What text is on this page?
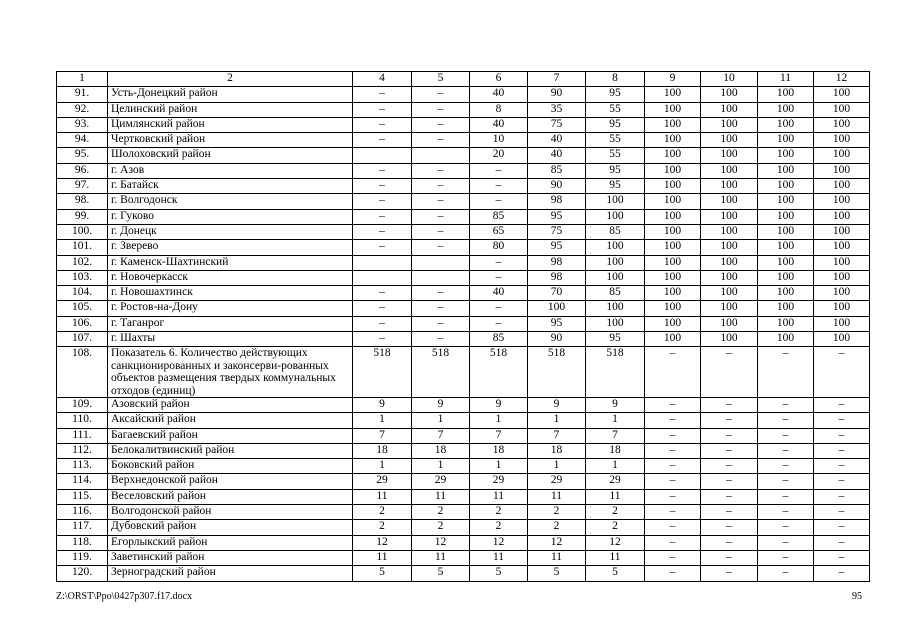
1	2	4	5	6	7	8	9	10	11	12
91.	Усть-Донецкий район	–	–	40	90	95	100	100	100	100
92.	Целинский район	–	–	8	35	55	100	100	100	100
93.	Цимлянский район	–	–	40	75	95	100	100	100	100
94.	Чертковский район	–	–	10	40	55	100	100	100	100
95.	Шолоховский район			20	40	55	100	100	100	100
96.	г. Азов	–	–	–	85	95	100	100	100	100
97.	г. Батайск	–	–	–	90	95	100	100	100	100
98.	г. Волгодонск	–	–	–	98	100	100	100	100	100
99.	г. Гуково	–	–	85	95	100	100	100	100	100
100.	г. Донецк	–	–	65	75	85	100	100	100	100
101.	г. Зверево	–	–	80	95	100	100	100	100	100
102.	г. Каменск-Шахтинский			–	98	100	100	100	100	100
103.	г. Новочеркасск			–	98	100	100	100	100	100
104.	г. Новошахтинск	–	–	40	70	85	100	100	100	100
105.	г. Ростов-на-Дону	–	–	–	100	100	100	100	100	100
106.	г. Таганрог	–	–	–	95	100	100	100	100	100
107.	г. Шахты	–	–	85	90	95	100	100	100	100
108.	Показатель 6. Количество действующих санкционированных и законсерви-рованных объектов размещения твердых коммунальных отходов (единиц)	518	518	518	518	518	–	–	–	–
109.	Азовский район	9	9	9	9	9	–	–	–	–
110.	Аксайский район	1	1	1	1	1	–	–	–	–
111.	Багаевский район	7	7	7	7	7	–	–	–	–
112.	Белокалитвинский район	18	18	18	18	18	–	–	–	–
113.	Боковский район	1	1	1	1	1	–	–	–	–
114.	Верхнедонской район	29	29	29	29	29	–	–	–	–
115.	Веселовский район	11	11	11	11	11	–	–	–	–
116.	Волгодонской район	2	2	2	2	2	–	–	–	–
117.	Дубовский район	2	2	2	2	2	–	–	–	–
118.	Егорлыкский район	12	12	12	12	12	–	–	–	–
119.	Заветинский район	11	11	11	11	11	–	–	–	–
120.	Зерноградский район	5	5	5	5	5	–	–	–	–
Z:\ORST\Ppo\0427p307.f17.docx	95
